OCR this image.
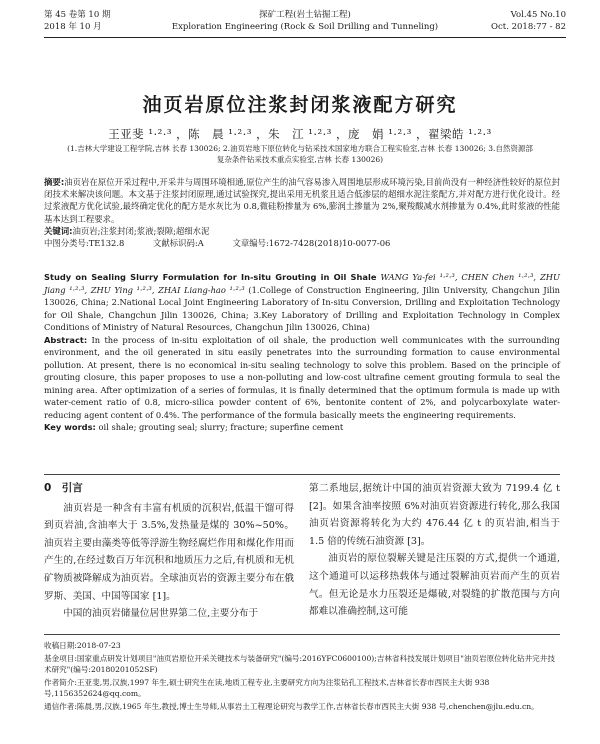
第 45 卷第 10 期
2018 年 10 月
探矿工程(岩土钻掘工程)
Exploration Engineering (Rock & Soil Drilling and Tunneling)
Vol.45 No.10
Oct. 2018:77 - 82
油页岩原位注浆封闭浆液配方研究
王亚斐 ¹·²·³ ，陈　晨 ¹·²·³ ，朱　江 ¹·²·³ ，庞　娟 ¹·²·³ ，翟梁皓 ¹·²·³
(1.吉林大学建设工程学院,吉林 长春 130026; 2.油页岩地下原位转化与钻采技术国家地方联合工程实验室,吉林 长春 130026; 3.自然资源部复杂条件钻采技术重点实验室,吉林 长春 130026)

摘要:油页岩在原位开采过程中,开采井与周围环境相通,原位产生的油气容易渗入周围地层形成环境污染,目前尚没有一种经济性较好的原位封闭技术来解决该问题。本文基于注浆封闭原理,通过试验探究,提出采用无机浆且适合低渗层的超细水泥注浆配方,并对配方进行优化设计。经过浆液配方优化试验,最终确定优化的配方是水灰比为 0.8,微硅粉掺量为 6%,膨润土掺量为 2%,聚羧酸减水剂掺量为 0.4%,此时浆液的性能基本达到工程要求。

关键词:油页岩;注浆封闭;浆液;裂隙;超细水泥

中图分类号:TE132.8	文献标识码:A	文章编号:1672-7428(2018)10-0077-06

Study on Sealing Slurry Formulation for In-situ Grouting in Oil Shale WANG Ya-fei ¹·²·³, CHEN Chen ¹·²·³, ZHU Jiang ¹·²·³, ZHU Ying ¹·²·³, ZHAI Liang-hao ¹·²·³ (1.College of Construction Engineering, Jilin University, Changchun Jilin 130026, China; 2.National Local Joint Engineering Laboratory of In-situ Conversion, Drilling and Exploitation Technology for Oil Shale, Changchun Jilin 130026, China; 3.Key Laboratory of Drilling and Exploitation Technology in Complex Conditions of Ministry of Natural Resources, Changchun Jilin 130026, China)

Abstract: In the process of in-situ exploitation of oil shale, the production well communicates with the surrounding environment, and the oil generated in situ easily penetrates into the surrounding formation to cause environmental pollution. At present, there is no economical in-situ sealing technology to solve this problem. Based on the principle of grouting closure, this paper proposes to use a non-polluting and low-cost ultrafine cement grouting formula to seal the mining area. After optimization of a series of formulas, it is finally determined that the optimum formula is made up with water-cement ratio of 0.8, micro-silica powder content of 6%, bentonite content of 2%, and polycarboxylate water-reducing agent content of 0.4%. The performance of the formula basically meets the engineering requirements.

Key words: oil shale; grouting seal; slurry; fracture; superfine cement

0　引言

油页岩是一种含有丰富有机质的沉积岩,低温干馏可得到页岩油,含油率大于 3.5%,发热量是煤的 30%~50%。油页岩主要由藻类等低等浮游生物经腐烂作用和煤化作用而产生的,在经过数百万年沉积和地质压力之后,有机质和无机矿物质被降解成为油页岩。全球油页岩的资源主要分布在俄罗斯、美国、中国等国家 [1]。

中国的油页岩储量位居世界第二位,主要分布于

第二系地层,据统计中国的油页岩资源大致为 7199.4 亿 t [2]。如果含油率按照 6%对油页岩资源进行转化,那么我国油页岩资源将转化为大约 476.44 亿 t 的页岩油,相当于 1.5 倍的传统石油资源 [3]。

油页岩的原位裂解关键是注压裂的方式,提供一个通道,这个通道可以运移热载体与通过裂解油页岩而产生的页岩气。但无论是水力压裂还是爆破,对裂缝的扩散范围与方向都难以准确控制,这可能

收稿日期:2018-07-23

基金项目:国家重点研发计划项目"油页岩原位开采关键技术与装备研究"(编号:2016YFC0600100);吉林省科技发展计划项目"油页岩原位转化钻井完井技术研究"(编号:20180201052SF)

作者简介:王亚斐,男,汉族,1997 年生,硕士研究生在读,地质工程专业,主要研究方向为注浆钻孔工程技术,吉林省长春市西民主大街 938 号,1156352624@qq.com。

通信作者:陈晨,男,汉族,1965 年生,教授,博士生导师,从事岩土工程理论研究与教学工作,吉林省长春市西民主大街 938 号,chenchen@jlu.edu.cn。
